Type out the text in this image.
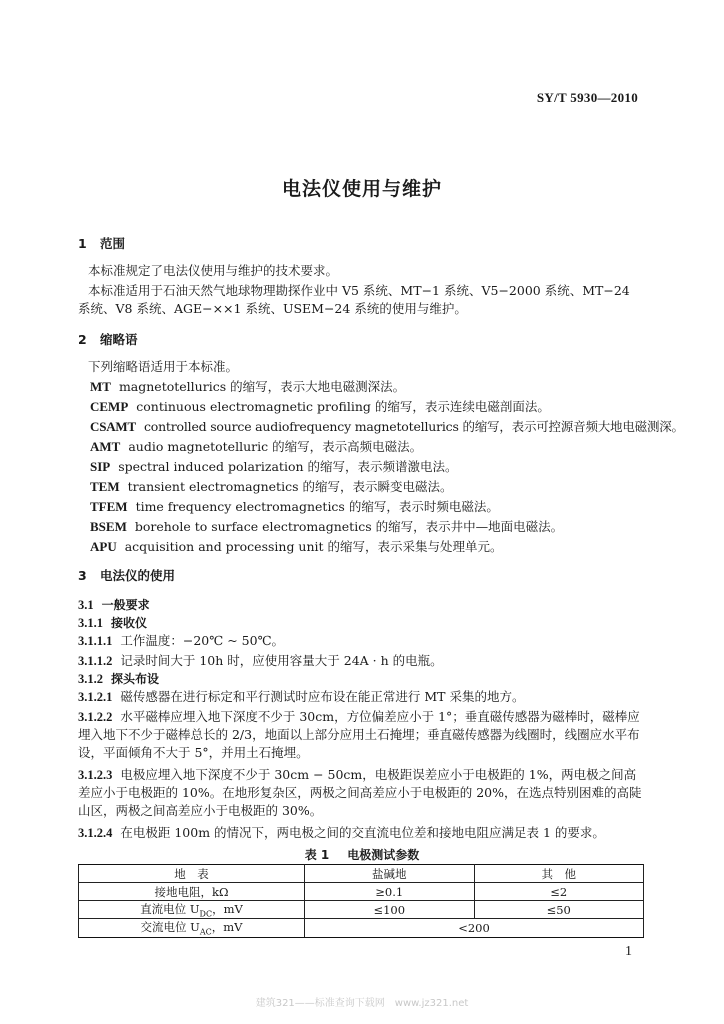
SY/T 5930—2010
电法仪使用与维护
1 范围
本标准规定了电法仪使用与维护的技术要求。
本标准适用于石油天然气地球物理勘探作业中 V5 系统、MT−1 系统、V5−2000 系统、MT−24 系统、V8 系统、AGE−××1 系统、USEM−24 系统的使用与维护。
2 缩略语
下列缩略语适用于本标准。
MT magnetotellurics 的缩写，表示大地电磁测深法。
CEMP continuous electromagnetic profiling 的缩写，表示连续电磁剖面法。
CSAMT controlled source audiofrequency magnetotellurics 的缩写，表示可控源音频大地电磁测深。
AMT audio magnetotelluric 的缩写，表示高频电磁法。
SIP spectral induced polarization 的缩写，表示频谱激电法。
TEM transient electromagnetics 的缩写，表示瞬变电磁法。
TFEM time frequency electromagnetics 的缩写，表示时频电磁法。
BSEM borehole to surface electromagnetics 的缩写，表示井中—地面电磁法。
APU acquisition and processing unit 的缩写，表示采集与处理单元。
3 电法仪的使用
3.1 一般要求
3.1.1 接收仪
3.1.1.1 工作温度：−20℃ ~ 50℃。
3.1.1.2 记录时间大于 10h 时，应使用容量大于 24A · h 的电瓶。
3.1.2 探头布设
3.1.2.1 磁传感器在进行标定和平行测试时应布设在能正常进行 MT 采集的地方。
3.1.2.2 水平磁棒应埋入地下深度不少于 30cm，方位偏差应小于 1°；垂直磁传感器为磁棒时，磁棒应埋入地下不少于磁棒总长的 2/3，地面以上部分应用土石掩埋；垂直磁传感器为线圈时，线圈应水平布设，平面倾角不大于 5°，并用土石掩埋。
3.1.2.3 电极应埋入地下深度不少于 30cm − 50cm，电极距误差应小于电极距的 1%，两电极之间高差应小于电极距的 10%。在地形复杂区，两极之间高差应小于电极距的 20%，在选点特别困难的高陡山区，两极之间高差应小于电极距的 30%。
3.1.2.4 在电极距 100m 的情况下，两电极之间的交直流电位差和接地电阻应满足表 1 的要求。
表 1 电极测试参数
地　表	盐碱地	其　他
接地电阻，kΩ	≥0.1	≤2
直流电位 $U_{DC}$，mV	≤100	≤50
交流电位 $U_{AC}$，mV	<200	
1
建筑321——标准查询下载网　www.jz321.net
